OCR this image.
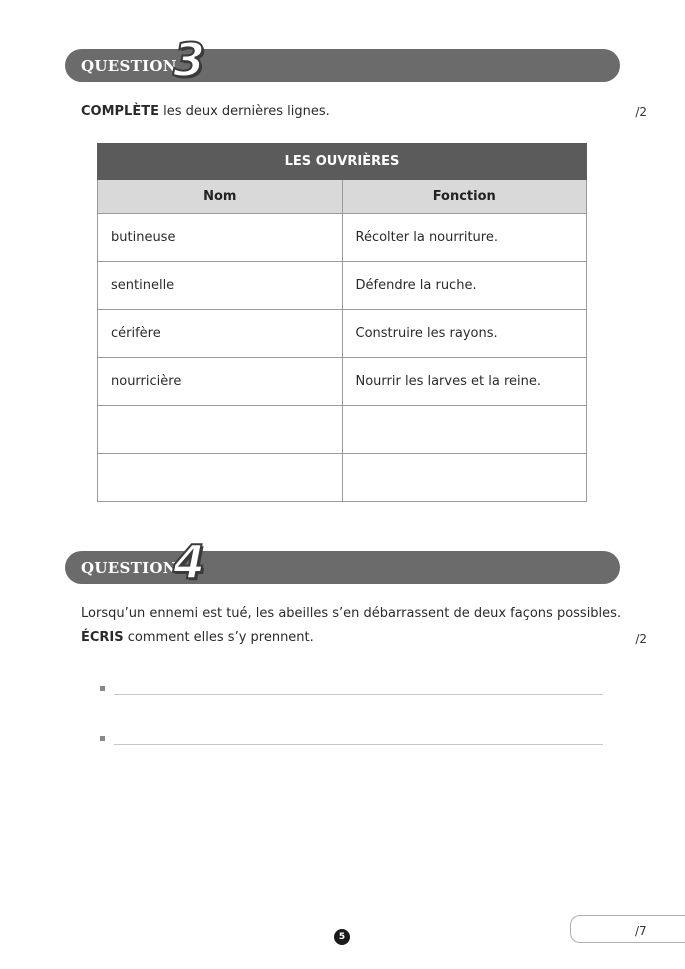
QUESTION
3
COMPLÈTE les deux dernières lignes.	/2
LES OUVRIÈRES	
Nom	Fonction
butineuse	Récolter la nourriture.
sentinelle	Défendre la ruche.
cérifère	Construire les rayons.
nourricière	Nourrir les larves et la reine.

QUESTION
4
Lorsqu’un ennemi est tué, les abeilles s’en débarrassent de deux façons possibles.
ÉCRIS comment elles s’y prennent.	/2
5	/7
